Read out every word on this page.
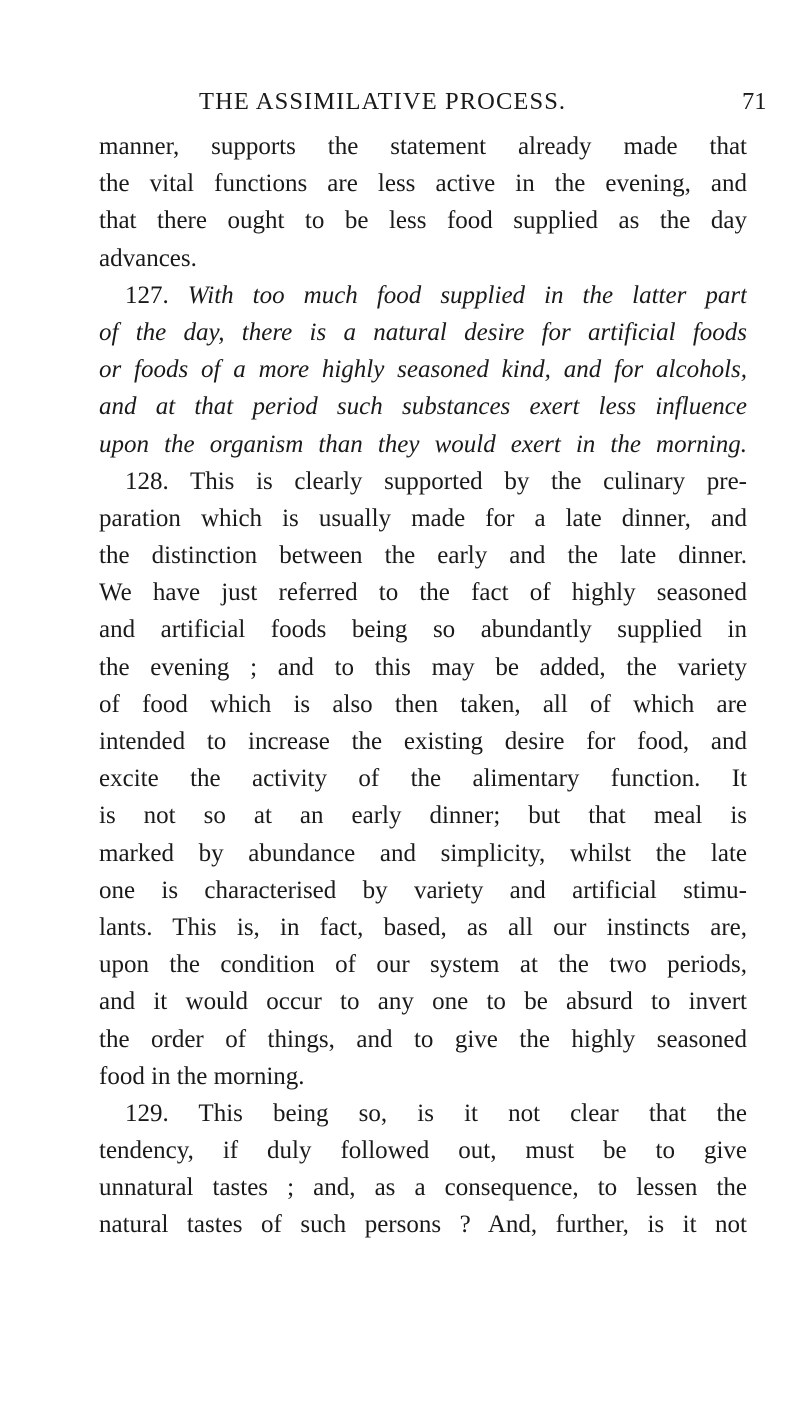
THE ASSIMILATIVE PROCESS.	71
manner, supports the statement already made that
the vital functions are less active in the evening, and
that there ought to be less food supplied as the day
advances.
127. With too much food supplied in the latter part
of the day, there is a natural desire for artificial foods
or foods of a more highly seasoned kind, and for alcohols,
and at that period such substances exert less influence
upon the organism than they would exert in the morning.
128. This is clearly supported by the culinary pre-
paration which is usually made for a late dinner, and
the distinction between the early and the late dinner.
We have just referred to the fact of highly seasoned
and artificial foods being so abundantly supplied in
the evening ; and to this may be added, the variety
of food which is also then taken, all of which are
intended to increase the existing desire for food, and
excite the activity of the alimentary function. It
is not so at an early dinner; but that meal is
marked by abundance and simplicity, whilst the late
one is characterised by variety and artificial stimu-
lants. This is, in fact, based, as all our instincts are,
upon the condition of our system at the two periods,
and it would occur to any one to be absurd to invert
the order of things, and to give the highly seasoned
food in the morning.
129. This being so, is it not clear that the
tendency, if duly followed out, must be to give
unnatural tastes ; and, as a consequence, to lessen the
natural tastes of such persons ? And, further, is it not
